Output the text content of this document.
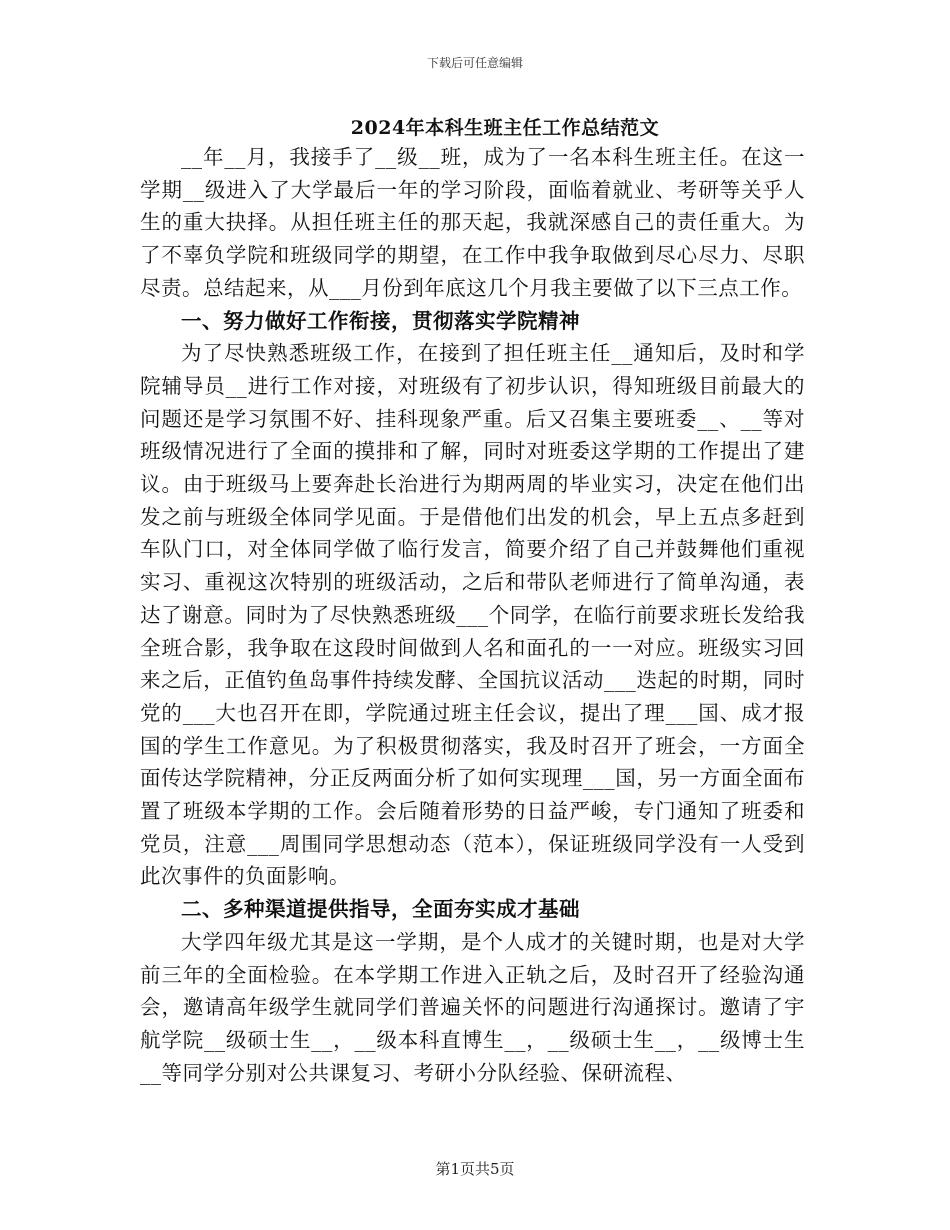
下载后可任意编辑
2024年本科生班主任工作总结范文

__年__月，我接手了__级__班，成为了一名本科生班主任。在这一学期__级进入了大学最后一年的学习阶段，面临着就业、考研等关乎人生的重大抉择。从担任班主任的那天起，我就深感自己的责任重大。为了不辜负学院和班级同学的期望，在工作中我争取做到尽心尽力、尽职尽责。总结起来，从___月份到年底这几个月我主要做了以下三点工作。

一、努力做好工作衔接，贯彻落实学院精神

为了尽快熟悉班级工作，在接到了担任班主任__通知后，及时和学院辅导员__进行工作对接，对班级有了初步认识，得知班级目前最大的问题还是学习氛围不好、挂科现象严重。后又召集主要班委__、__等对班级情况进行了全面的摸排和了解，同时对班委这学期的工作提出了建议。由于班级马上要奔赴长治进行为期两周的毕业实习，决定在他们出发之前与班级全体同学见面。于是借他们出发的机会，早上五点多赶到车队门口，对全体同学做了临行发言，简要介绍了自己并鼓舞他们重视实习、重视这次特别的班级活动，之后和带队老师进行了简单沟通，表达了谢意。同时为了尽快熟悉班级___个同学，在临行前要求班长发给我全班合影，我争取在这段时间做到人名和面孔的一一对应。班级实习回来之后，正值钓鱼岛事件持续发酵、全国抗议活动___迭起的时期，同时党的___大也召开在即，学院通过班主任会议，提出了理___国、成才报国的学生工作意见。为了积极贯彻落实，我及时召开了班会，一方面全面传达学院精神，分正反两面分析了如何实现理___国，另一方面全面布置了班级本学期的工作。会后随着形势的日益严峻，专门通知了班委和党员，注意___周围同学思想动态（范本），保证班级同学没有一人受到此次事件的负面影响。

二、多种渠道提供指导，全面夯实成才基础

大学四年级尤其是这一学期，是个人成才的关键时期，也是对大学前三年的全面检验。在本学期工作进入正轨之后，及时召开了经验沟通会，邀请高年级学生就同学们普遍关怀的问题进行沟通探讨。邀请了宇航学院__级硕士生__，__级本科直博生__，__级硕士生__，__级博士生__等同学分别对公共课复习、考研小分队经验、保研流程、

第1页共5页
